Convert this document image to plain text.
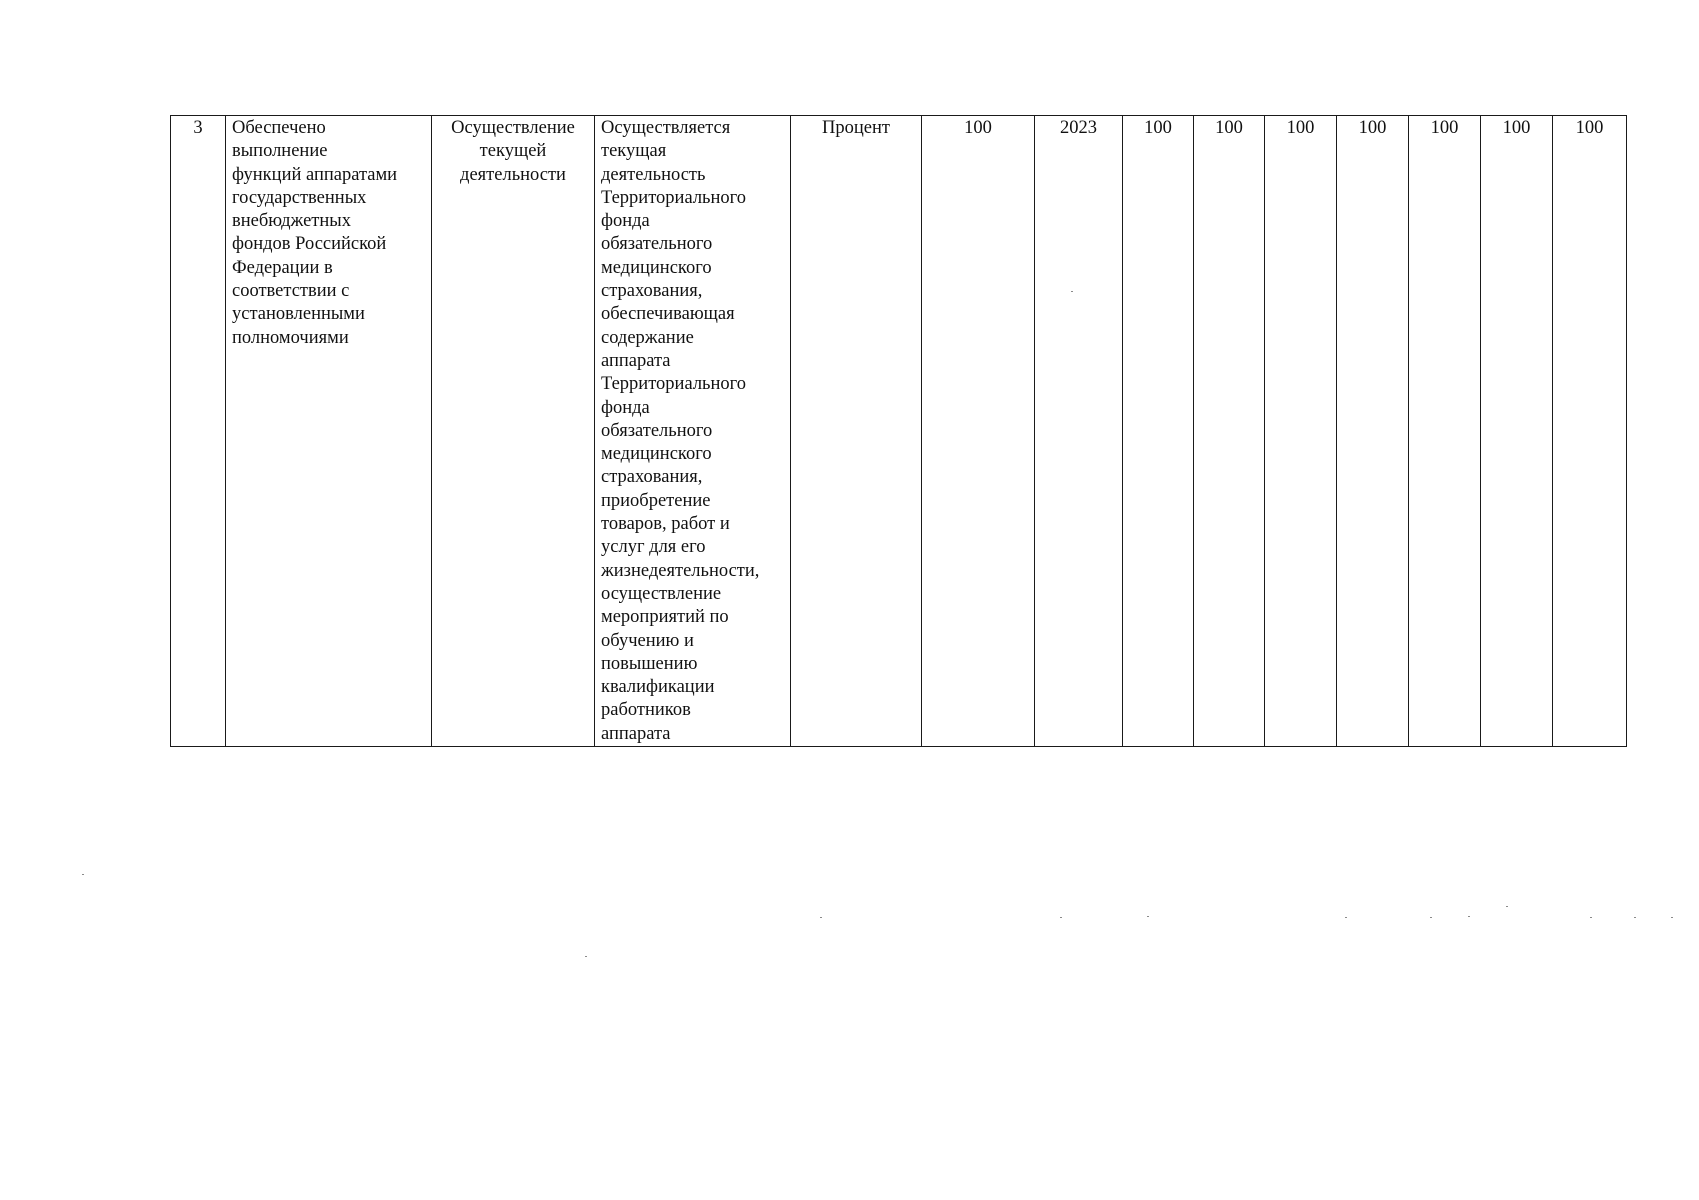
3	Обеспечено
выполнение
функций аппаратами
государственных
внебюджетных
фондов Российской
Федерации в
соответствии с
установленными
полномочиями	Осуществление
текущей
деятельности	Осуществляется
текущая
деятельность
Территориального
фонда
обязательного
медицинского
страхования,
обеспечивающая
содержание
аппарата
Территориального
фонда
обязательного
медицинского
страхования,
приобретение
товаров, работ и
услуг для его
жизнедеятельности,
осуществление
мероприятий по
обучению и
повышению
квалификации
работников
аппарата	Процент	100	2023	100	100	100	100	100	100	100
